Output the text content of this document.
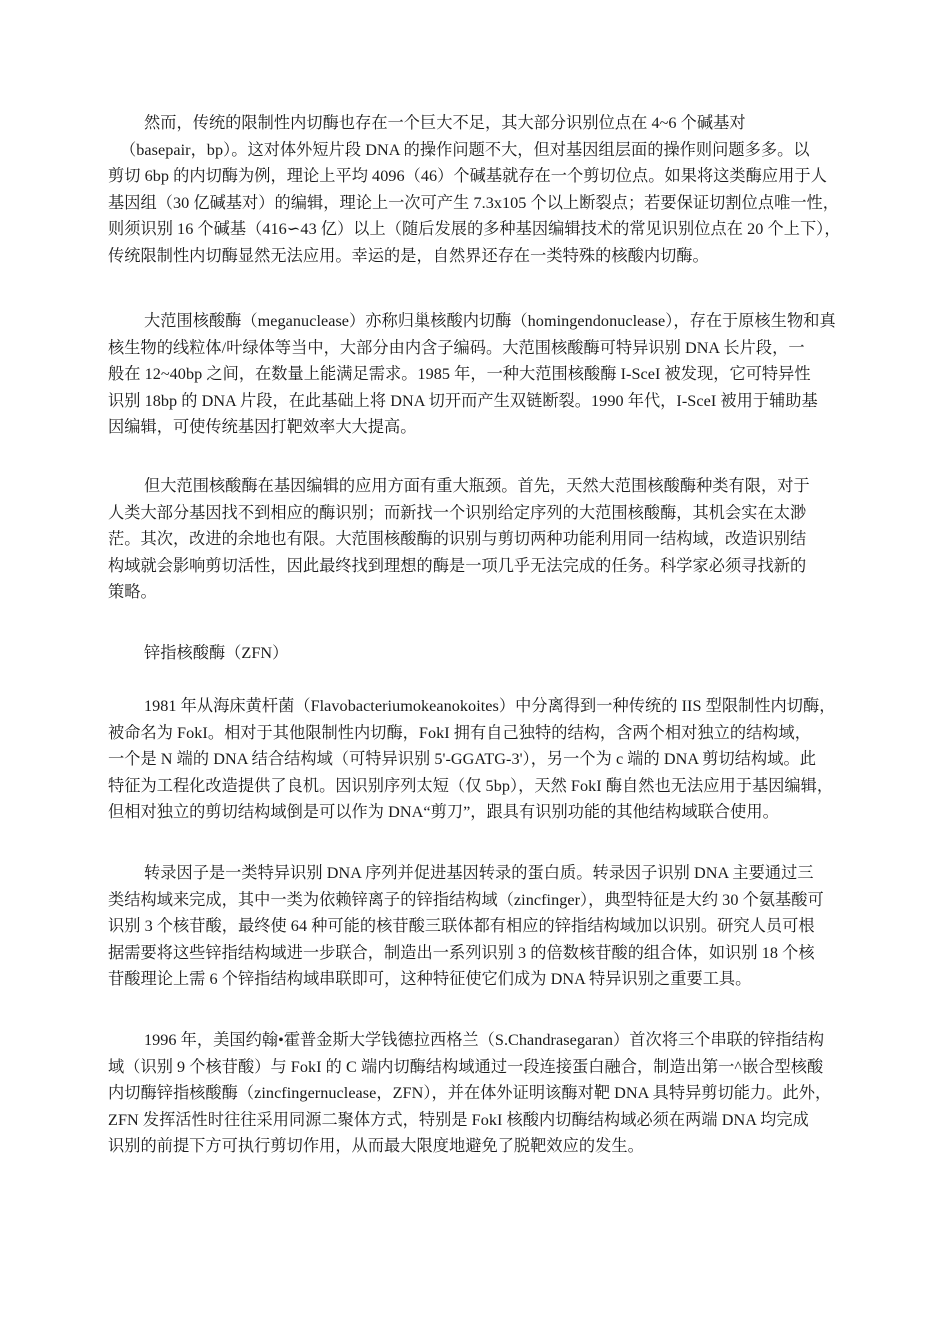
然而，传统的限制性内切酶也存在一个巨大不足，其大部分识别位点在 4~6 个碱基对
（basepair，bp）。这对体外短片段 DNA 的操作问题不大，但对基因组层面的操作则问题多多。以
剪切 6bp 的内切酶为例，理论上平均 4096（46）个碱基就存在一个剪切位点。如果将这类酶应用于人
基因组（30 亿碱基对）的编辑，理论上一次可产生 7.3x105 个以上断裂点；若要保证切割位点唯一性，
则须识别 16 个碱基（416∽43 亿）以上（随后发展的多种基因编辑技术的常见识别位点在 20 个上下），
传统限制性内切酶显然无法应用。幸运的是，自然界还存在一类特殊的核酸内切酶。
大范围核酸酶（meganuclease）亦称归巢核酸内切酶（homingendonuclease），存在于原核生物和真
核生物的线粒体/叶绿体等当中，大部分由内含子编码。大范围核酸酶可特异识别 DNA 长片段，一
般在 12~40bp 之间，在数量上能满足需求。1985 年，一种大范围核酸酶 I-SceI 被发现，它可特异性
识别 18bp 的 DNA 片段，在此基础上将 DNA 切开而产生双链断裂。1990 年代，I-SceI 被用于辅助基
因编辑，可使传统基因打靶效率大大提高。
但大范围核酸酶在基因编辑的应用方面有重大瓶颈。首先，天然大范围核酸酶种类有限，对于
人类大部分基因找不到相应的酶识别；而新找一个识别给定序列的大范围核酸酶，其机会实在太渺
茫。其次，改进的余地也有限。大范围核酸酶的识别与剪切两种功能利用同一结构域，改造识别结
构域就会影响剪切活性，因此最终找到理想的酶是一项几乎无法完成的任务。科学家必须寻找新的
策略。
锌指核酸酶（ZFN）
1981 年从海床黄杆菌（Flavobacteriumokeanokoites）中分离得到一种传统的 IIS 型限制性内切酶，
被命名为 FokI。相对于其他限制性内切酶，FokI 拥有自己独特的结构，含两个相对独立的结构域，
一个是 N 端的 DNA 结合结构域（可特异识别 5'-GGATG-3'），另一个为 c 端的 DNA 剪切结构域。此
特征为工程化改造提供了良机。因识别序列太短（仅 5bp），天然 FokI 酶自然也无法应用于基因编辑，
但相对独立的剪切结构域倒是可以作为 DNA“剪刀”，跟具有识别功能的其他结构域联合使用。
转录因子是一类特异识别 DNA 序列并促进基因转录的蛋白质。转录因子识别 DNA 主要通过三
类结构域来完成，其中一类为依赖锌离子的锌指结构域（zincfinger），典型特征是大约 30 个氨基酸可
识别 3 个核苷酸，最终使 64 种可能的核苷酸三联体都有相应的锌指结构域加以识别。研究人员可根
据需要将这些锌指结构域进一步联合，制造出一系列识别 3 的倍数核苷酸的组合体，如识别 18 个核
苷酸理论上需 6 个锌指结构域串联即可，这种特征使它们成为 DNA 特异识别之重要工具。
1996 年，美国约翰•霍普金斯大学钱德拉西格兰（S.Chandrasegaran）首次将三个串联的锌指结构
域（识别 9 个核苷酸）与 FokI 的 C 端内切酶结构域通过一段连接蛋白融合，制造出第一^嵌合型核酸
内切酶锌指核酸酶（zincfingernuclease，ZFN），并在体外证明该酶对靶 DNA 具特异剪切能力。此外，
ZFN 发挥活性时往往采用同源二聚体方式，特别是 FokI 核酸内切酶结构域必须在两端 DNA 均完成
识别的前提下方可执行剪切作用，从而最大限度地避免了脱靶效应的发生。
